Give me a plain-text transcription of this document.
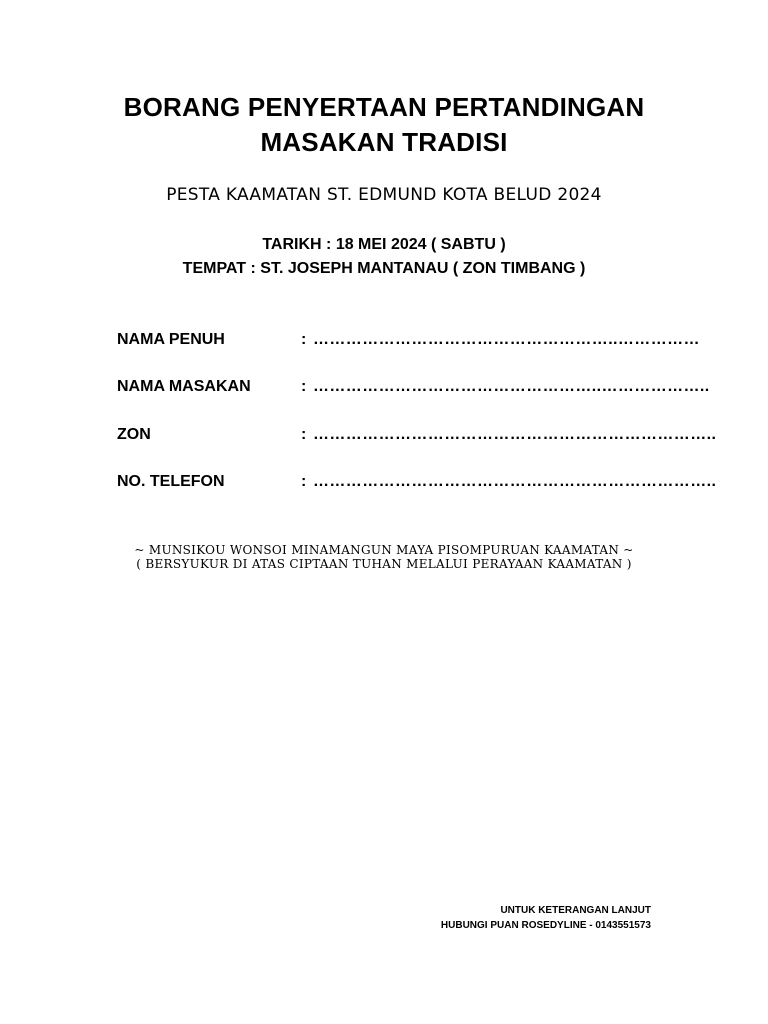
BORANG PENYERTAAN PERTANDINGAN
MASAKAN TRADISI
PESTA KAAMATAN ST. EDMUND KOTA BELUD 2024
TARIKH : 18 MEI 2024 ( SABTU )
TEMPAT : ST. JOSEPH MANTANAU ( ZON TIMBANG )
NAMA PENUH	: ………………………………………………..……………
NAMA MASAKAN	: ……………………………………………..………………..
ZON	: ………………………………………………………………..
NO. TELEFON	: ………………………………………………………………..
~ MUNSIKOU WONSOI MINAMANGUN MAYA PISOMPURUAN KAAMATAN ~
( BERSYUKUR DI ATAS CIPTAAN TUHAN MELALUI PERAYAAN KAAMATAN )
UNTUK KETERANGAN LANJUT
HUBUNGI PUAN ROSEDYLINE - 0143551573
